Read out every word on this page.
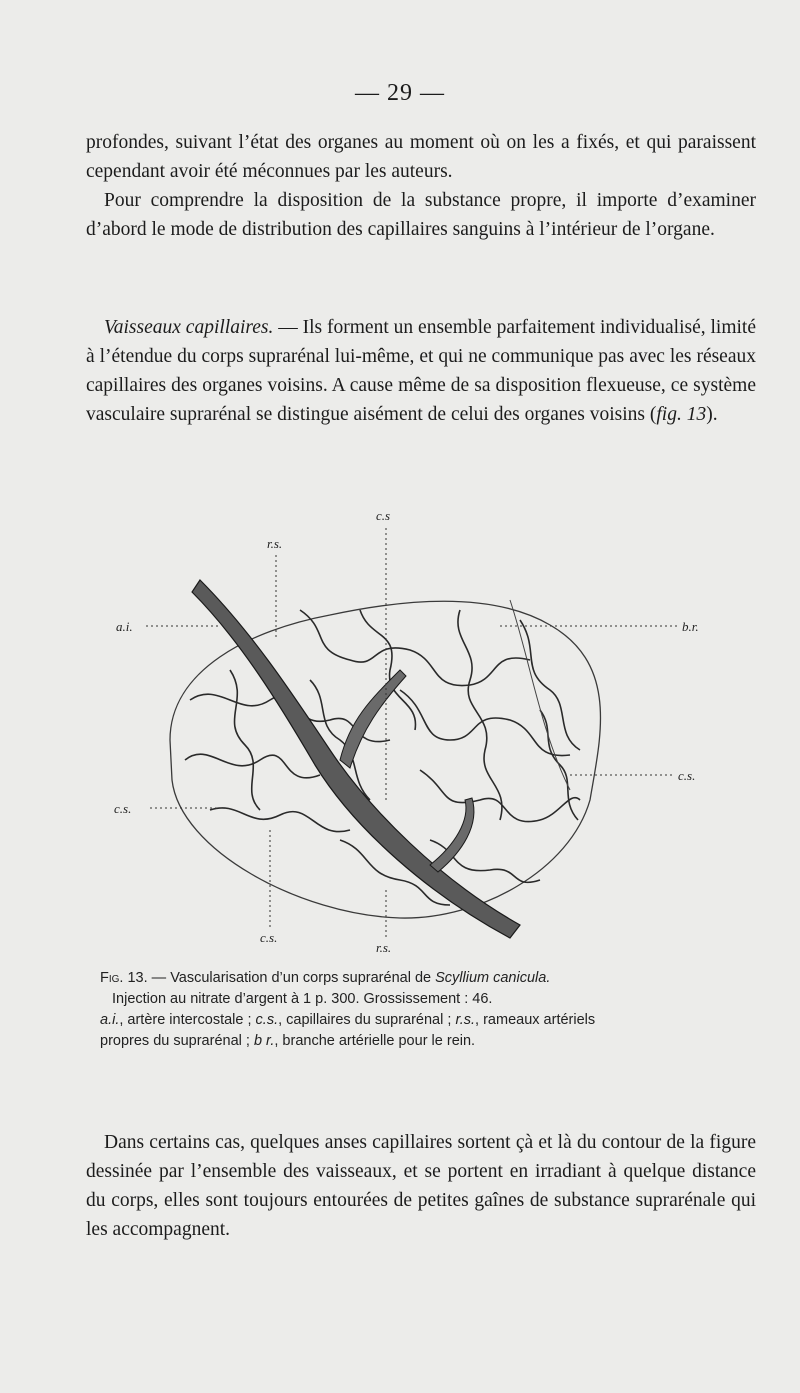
— 29 —

profondes, suivant l’état des organes au moment où on les a fixés, et qui paraissent cependant avoir été méconnues par les auteurs.

Pour comprendre la disposition de la substance propre, il importe d’examiner d’abord le mode de distribution des capillaires sanguins à l’intérieur de l’organe.

Vaisseaux capillaires. — Ils forment un ensemble parfaitement individualisé, limité à l’étendue du corps suprarénal lui-même, et qui ne communique pas avec les réseaux capillaires des organes voisins. A cause même de sa disposition flexueuse, ce système vasculaire suprarénal se distingue aisément de celui des organes voisins (fig. 13).

c.s
r.s.
a.i.	b.r.
c.s.
c.s.
c.s.
r.s.
Fig. 13. — Vascularisation d’un corps suprarénal de Scyllium canicula.
Injection au nitrate d’argent à 1 p. 300. Grossissement : 46.
a.i., artère intercostale ; c.s., capillaires du suprarénal ; r.s., rameaux artériels
propres du suprarénal ; b r., branche artérielle pour le rein.

Dans certains cas, quelques anses capillaires sortent çà et là du contour de la figure dessinée par l’ensemble des vaisseaux, et se portent en irradiant à quelque distance du corps, elles sont toujours entourées de petites gaînes de substance suprarénale qui les accompagnent.
